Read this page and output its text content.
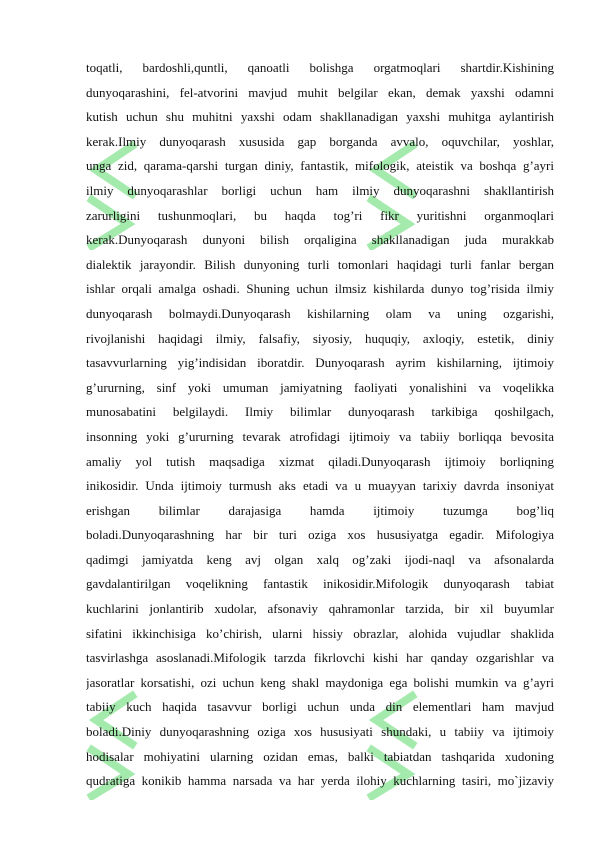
toqatli, bardoshli,quntli, qanoatli bolishga orgatmoqlari shartdir.Kishining
dunyoqarashini, fel-atvorini mavjud muhit belgilar ekan, demak yaxshi odamni
kutish uchun shu muhitni yaxshi odam shakllanadigan yaxshi muhitga aylantirish
kerak.Ilmiy dunyoqarash xususida gap borganda avvalo, oquvchilar, yoshlar,
unga zid, qarama-qarshi turgan diniy, fantastik, mifologik, ateistik va boshqa g’ayri
ilmiy dunyoqarashlar borligi uchun ham ilmiy dunyoqarashni shakllantirish
zarurligini tushunmoqlari, bu haqda tog’ri fikr yuritishni organmoqlari
kerak.Dunyoqarash dunyoni bilish orqaligina shakllanadigan juda murakkab
dialektik jarayondir. Bilish dunyoning turli tomonlari haqidagi turli fanlar bergan
ishlar orqali amalga oshadi. Shuning uchun ilmsiz kishilarda dunyo tog’risida ilmiy
dunyoqarash bolmaydi.Dunyoqarash kishilarning olam va uning ozgarishi,
rivojlanishi haqidagi ilmiy, falsafiy, siyosiy, huquqiy, axloqiy, estetik, diniy
tasavvurlarning yig’indisidan iboratdir. Dunyoqarash ayrim kishilarning, ijtimoiy
g’ururning, sinf yoki umuman jamiyatning faoliyati yonalishini va voqelikka
munosabatini belgilaydi. Ilmiy bilimlar dunyoqarash tarkibiga qoshilgach,
insonning yoki g’ururning tevarak atrofidagi ijtimoiy va tabiiy borliqqa bevosita
amaliy yol tutish maqsadiga xizmat qiladi.Dunyoqarash ijtimoiy borliqning
inikosidir. Unda ijtimoiy turmush aks etadi va u muayyan tarixiy davrda insoniyat
erishgan bilimlar darajasiga hamda ijtimoiy tuzumga bog’liq
boladi.Dunyoqarashning har bir turi oziga xos hususiyatga egadir. Mifologiya
qadimgi jamiyatda keng avj olgan xalq og’zaki ijodi-naql va afsonalarda
gavdalantirilgan voqelikning fantastik inikosidir.Mifologik dunyoqarash tabiat
kuchlarini jonlantirib xudolar, afsonaviy qahramonlar tarzida, bir xil buyumlar
sifatini ikkinchisiga ko’chirish, ularni hissiy obrazlar, alohida vujudlar shaklida
tasvirlashga asoslanadi.Mifologik tarzda fikrlovchi kishi har qanday ozgarishlar va
jasoratlar korsatishi, ozi uchun keng shakl maydoniga ega bolishi mumkin va g’ayri
tabiiy kuch haqida tasavvur borligi uchun unda din elementlari ham mavjud
boladi.Diniy dunyoqarashning oziga xos hususiyati shundaki, u tabiiy va ijtimoiy
hodisalar mohiyatini ularning ozidan emas, balki tabiatdan tashqarida xudoning
qudratiga konikib hamma narsada va har yerda ilohiy kuchlarning tasiri, mo`jizaviy
